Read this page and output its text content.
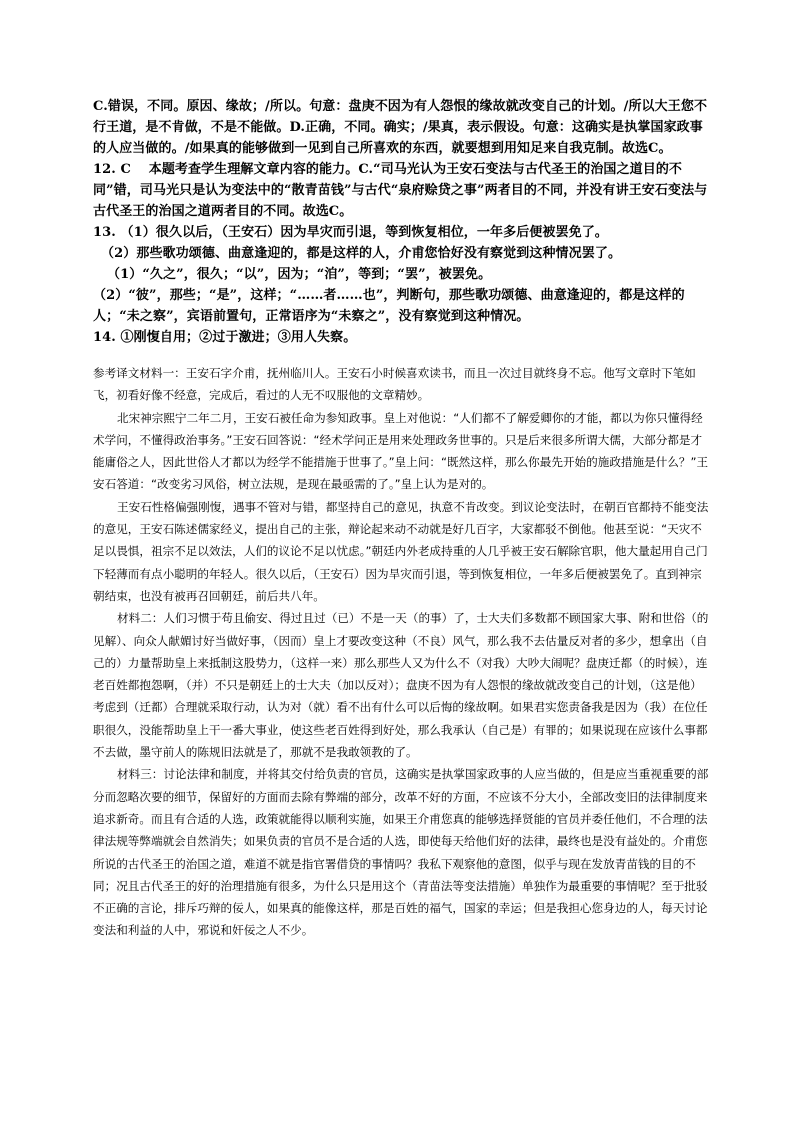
C.错误，不同。原因、缘故；/所以。句意：盘庚不因为有人怨恨的缘故就改变自己的计划。/所以大王您不行王道，是不肯做，不是不能做。D.正确，不同。确实；/果真，表示假设。句意：这确实是执掌国家政事的人应当做的。/如果真的能够做到一见到自己所喜欢的东西，就要想到用知足来自我克制。故选C。

12. C　 本题考查学生理解文章内容的能力。C.“司马光认为王安石变法与古代圣王的治国之道目的不同”错，司马光只是认为变法中的“散青苗钱”与古代“泉府赊贷之事”两者目的不同，并没有讲王安石变法与古代圣王的治国之道两者目的不同。故选C。

13. （1）很久以后，（王安石）因为旱灾而引退，等到恢复相位，一年多后便被罢免了。

（2）那些歌功颂德、曲意逢迎的，都是这样的人，介甫您恰好没有察觉到这种情况罢了。

（1）“久之”，很久；“以”，因为；“洎”，等到；“罢”，被罢免。

（2）“彼”，那些；“是”，这样；“……者……也”，判断句，那些歌功颂德、曲意逢迎的，都是这样的人；“未之察”，宾语前置句，正常语序为“未察之”，没有察觉到这种情况。

14. ①刚愎自用；②过于激进；③用人失察。

参考译文材料一：王安石字介甫，抚州临川人。王安石小时候喜欢读书，而且一次过目就终身不忘。他写文章时下笔如飞，初看好像不经意，完成后，看过的人无不叹服他的文章精妙。

北宋神宗熙宁二年二月，王安石被任命为参知政事。皇上对他说：“人们都不了解爱卿你的才能，都以为你只懂得经术学问，不懂得政治事务。”王安石回答说：“经术学问正是用来处理政务世事的。只是后来很多所谓大儒，大部分都是才能庸俗之人，因此世俗人才都以为经学不能措施于世事了。”皇上问：“既然这样，那么你最先开始的施政措施是什么？”王安石答道：“改变劣习风俗，树立法规，是现在最亟需的了。”皇上认为是对的。

王安石性格偏强刚愎，遇事不管对与错，都坚持自己的意见，执意不肯改变。到议论变法时，在朝百官都持不能变法的意见，王安石陈述儒家经义，提出自己的主张，辩论起来动不动就是好几百字，大家都驳不倒他。他甚至说：“天灾不足以畏惧，祖宗不足以效法，人们的议论不足以忧虑。”朝廷内外老成持重的人几乎被王安石解除官职，他大量起用自己门下轻薄而有点小聪明的年轻人。很久以后，（王安石）因为旱灾而引退，等到恢复相位，一年多后便被罢免了。直到神宗朝结束，也没有被再召回朝廷，前后共八年。

材料二：人们习惯于苟且偷安、得过且过（已）不是一天（的事）了，士大夫们多数都不顾国家大事、附和世俗（的见解）、向众人献媚讨好当做好事，（因而）皇上才要改变这种（不良）风气，那么我不去估量反对者的多少，想拿出（自己的）力量帮助皇上来抵制这股势力，（这样一来）那么那些人又为什么不（对我）大吵大闹呢？盘庚迁都（的时候），连老百姓都抱怨啊，（并）不只是朝廷上的士大夫（加以反对）；盘庚不因为有人怨恨的缘故就改变自己的计划，（这是他）考虑到（迁都）合理就采取行动，认为对（就）看不出有什么可以后悔的缘故啊。如果君实您责备我是因为（我）在位任职很久，没能帮助皇上干一番大事业，使这些老百姓得到好处，那么我承认（自己是）有罪的；如果说现在应该什么事都不去做，墨守前人的陈规旧法就是了，那就不是我敢领教的了。

材料三：讨论法律和制度，并将其交付给负责的官员，这确实是执掌国家政事的人应当做的，但是应当重视重要的部分而忽略次要的细节，保留好的方面而去除有弊端的部分，改革不好的方面，不应该不分大小，全部改变旧的法律制度来追求新奇。而且有合适的人选，政策就能得以顺利实施，如果王介甫您真的能够选择贤能的官员并委任他们，不合理的法律法规等弊端就会自然消失；如果负责的官员不是合适的人选，即使每天给他们好的法律，最终也是没有益处的。介甫您所说的古代圣王的治国之道，难道不就是指官署借贷的事情吗？我私下观察他的意图，似乎与现在发放青苗钱的目的不同；况且古代圣王的好的治理措施有很多，为什么只是用这个（青苗法等变法措施）单独作为最重要的事情呢？至于批驳不正确的言论，排斥巧辩的佞人，如果真的能像这样，那是百姓的福气，国家的幸运；但是我担心您身边的人，每天讨论变法和利益的人中，邪说和奸佞之人不少。
